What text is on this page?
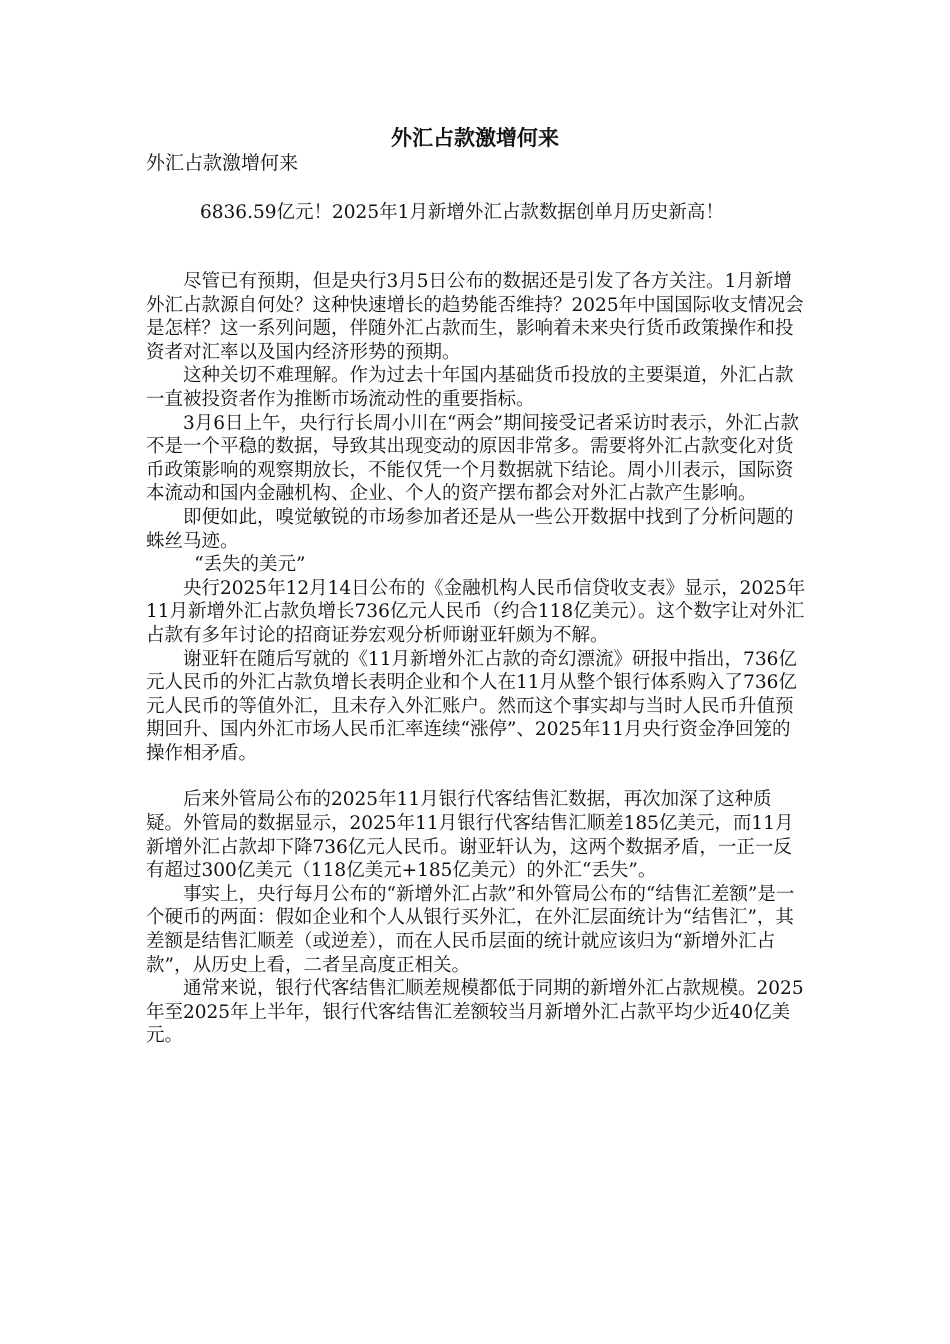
外汇占款激增何来
外汇占款激增何来
6836.59亿元！2025年1月新增外汇占款数据创单月历史新高！

尽管已有预期，但是央行3月5日公布的数据还是引发了各方关注。1月新增外汇占款源自何处？这种快速增长的趋势能否维持？2025年中国国际收支情况会是怎样？这一系列问题，伴随外汇占款而生，影响着未来央行货币政策操作和投资者对汇率以及国内经济形势的预期。

这种关切不难理解。作为过去十年国内基础货币投放的主要渠道，外汇占款一直被投资者作为推断市场流动性的重要指标。

3月6日上午，央行行长周小川在“两会”期间接受记者采访时表示，外汇占款不是一个平稳的数据，导致其出现变动的原因非常多。需要将外汇占款变化对货币政策影响的观察期放长，不能仅凭一个月数据就下结论。周小川表示，国际资本流动和国内金融机构、企业、个人的资产摆布都会对外汇占款产生影响。

即便如此，嗅觉敏锐的市场参加者还是从一些公开数据中找到了分析问题的蛛丝马迹。

“丢失的美元”

央行2025年12月14日公布的《金融机构人民币信贷收支表》显示，2025年11月新增外汇占款负增长736亿元人民币（约合118亿美元）。这个数字让对外汇占款有多年讨论的招商证券宏观分析师谢亚轩颇为不解。

谢亚轩在随后写就的《11月新增外汇占款的奇幻漂流》研报中指出，736亿元人民币的外汇占款负增长表明企业和个人在11月从整个银行体系购入了736亿元人民币的等值外汇，且未存入外汇账户。然而这个事实却与当时人民币升值预期回升、国内外汇市场人民币汇率连续“涨停”、2025年11月央行资金净回笼的操作相矛盾。

后来外管局公布的2025年11月银行代客结售汇数据，再次加深了这种质疑。外管局的数据显示，2025年11月银行代客结售汇顺差185亿美元，而11月新增外汇占款却下降736亿元人民币。谢亚轩认为，这两个数据矛盾，一正一反有超过300亿美元（118亿美元+185亿美元）的外汇“丢失”。

事实上，央行每月公布的“新增外汇占款”和外管局公布的“结售汇差额”是一个硬币的两面：假如企业和个人从银行买外汇，在外汇层面统计为“结售汇”，其差额是结售汇顺差（或逆差），而在人民币层面的统计就应该归为“新增外汇占款”，从历史上看，二者呈高度正相关。

通常来说，银行代客结售汇顺差规模都低于同期的新增外汇占款规模。2025年至2025年上半年，银行代客结售汇差额较当月新增外汇占款平均少近40亿美元。
